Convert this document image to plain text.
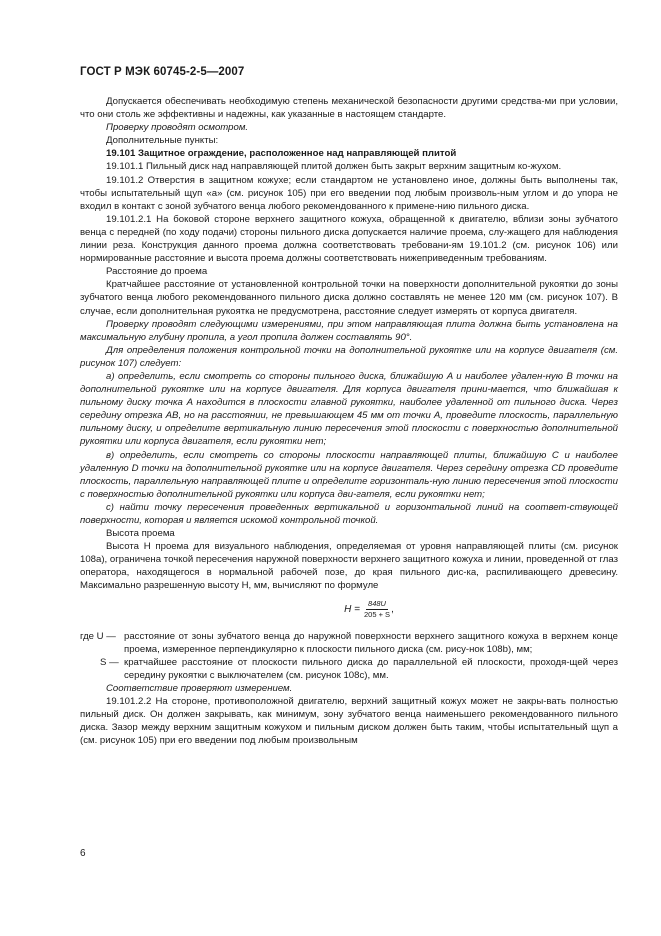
ГОСТ Р МЭК 60745-2-5—2007

Допускается обеспечивать необходимую степень механической безопасности другими средства-ми при условии, что они столь же эффективны и надежны, как указанные в настоящем стандарте.

Проверку проводят осмотром.

Дополнительные пункты:

19.101 Защитное ограждение, расположенное над направляющей плитой

19.101.1 Пильный диск над направляющей плитой должен быть закрыт верхним защитным ко-жухом.

19.101.2 Отверстия в защитном кожухе; если стандартом не установлено иное, должны быть выполнены так, чтобы испытательный щуп «а» (см. рисунок 105) при его введении под любым произволь-ным углом и до упора не входил в контакт с зоной зубчатого венца любого рекомендованного к примене-нию пильного диска.

19.101.2.1 На боковой стороне верхнего защитного кожуха, обращенной к двигателю, вблизи зоны зубчатого венца с передней (по ходу подачи) стороны пильного диска допускается наличие проема, слу-жащего для наблюдения линии реза. Конструкция данного проема должна соответствовать требовани-ям 19.101.2 (см. рисунок 106) или нормированные расстояние и высота проема должны соответствовать нижеприведенным требованиям.

Расстояние до проема

Кратчайшее расстояние от установленной контрольной точки на поверхности дополнительной рукоятки до зоны зубчатого венца любого рекомендованного пильного диска должно составлять не менее 120 мм (см. рисунок 107). В случае, если дополнительная рукоятка не предусмотрена, расстояние следует измерять от корпуса двигателя.

Проверку проводят следующими измерениями, при этом направляющая плита должна быть установлена на максимальную глубину пропила, а угол пропила должен составлять 90°.

Для определения положения контрольной точки на дополнительной рукоятке или на корпусе двигателя (см. рисунок 107) следует:

а) определить, если смотреть со стороны пильного диска, ближайшую A и наиболее удален-ную B точки на дополнительной рукоятке или на корпусе двигателя. Для корпуса двигателя прини-мается, что ближайшая к пильному диску точка A находится в плоскости главной рукоятки, наиболее удаленной от пильного диска. Через середину отрезка AB, но на расстоянии, не превышающем 45 мм от точки A, проведите плоскость, параллельную пильному диску, и определите вертикальную линию пересечения этой плоскости с поверхностью дополнительной рукоятки или корпуса двигателя, если рукоятки нет;

в) определить, если смотреть со стороны плоскости направляющей плиты, ближайшую C и наиболее удаленную D точки на дополнительной рукоятке или на корпусе двигателя. Через середину отрезка CD проведите плоскость, параллельную направляющей плите и определите горизонталь-ную линию пересечения этой плоскости с поверхностью дополнительной рукоятки или корпуса дви-гателя, если рукоятки нет;

с) найти точку пересечения проведенных вертикальной и горизонтальной линий на соответ-ствующей поверхности, которая и является искомой контрольной точкой.

Высота проема

Высота H проема для визуального наблюдения, определяемая от уровня направляющей плиты (см. рисунок 108а), ограничена точкой пересечения наружной поверхности верхнего защитного кожуха и линии, проведенной от глаз оператора, находящегося в нормальной рабочей позе, до края пильного дис-ка, распиливающего древесину. Максимально разрешенную высоту H, мм, вычисляют по формуле

$H = \frac{848U}{205 + S}$ ,
где U — расстояние от зоны зубчатого венца до наружной поверхности верхнего защитного кожуха в верхнем конце проема, измеренное перпендикулярно к плоскости пильного диска (см. рису-нок 108b), мм;
S — кратчайшее расстояние от плоскости пильного диска до параллельной ей плоскости, проходя-щей через середину рукоятки с выключателем (см. рисунок 108c), мм.

Соответствие проверяют измерением.

19.101.2.2 На стороне, противоположной двигателю, верхний защитный кожух может не закры-вать полностью пильный диск. Он должен закрывать, как минимум, зону зубчатого венца наименьшего рекомендованного пильного диска. Зазор между верхним защитным кожухом и пильным диском должен быть таким, чтобы испытательный щуп a (см. рисунок 105) при его введении под любым произвольным

6
